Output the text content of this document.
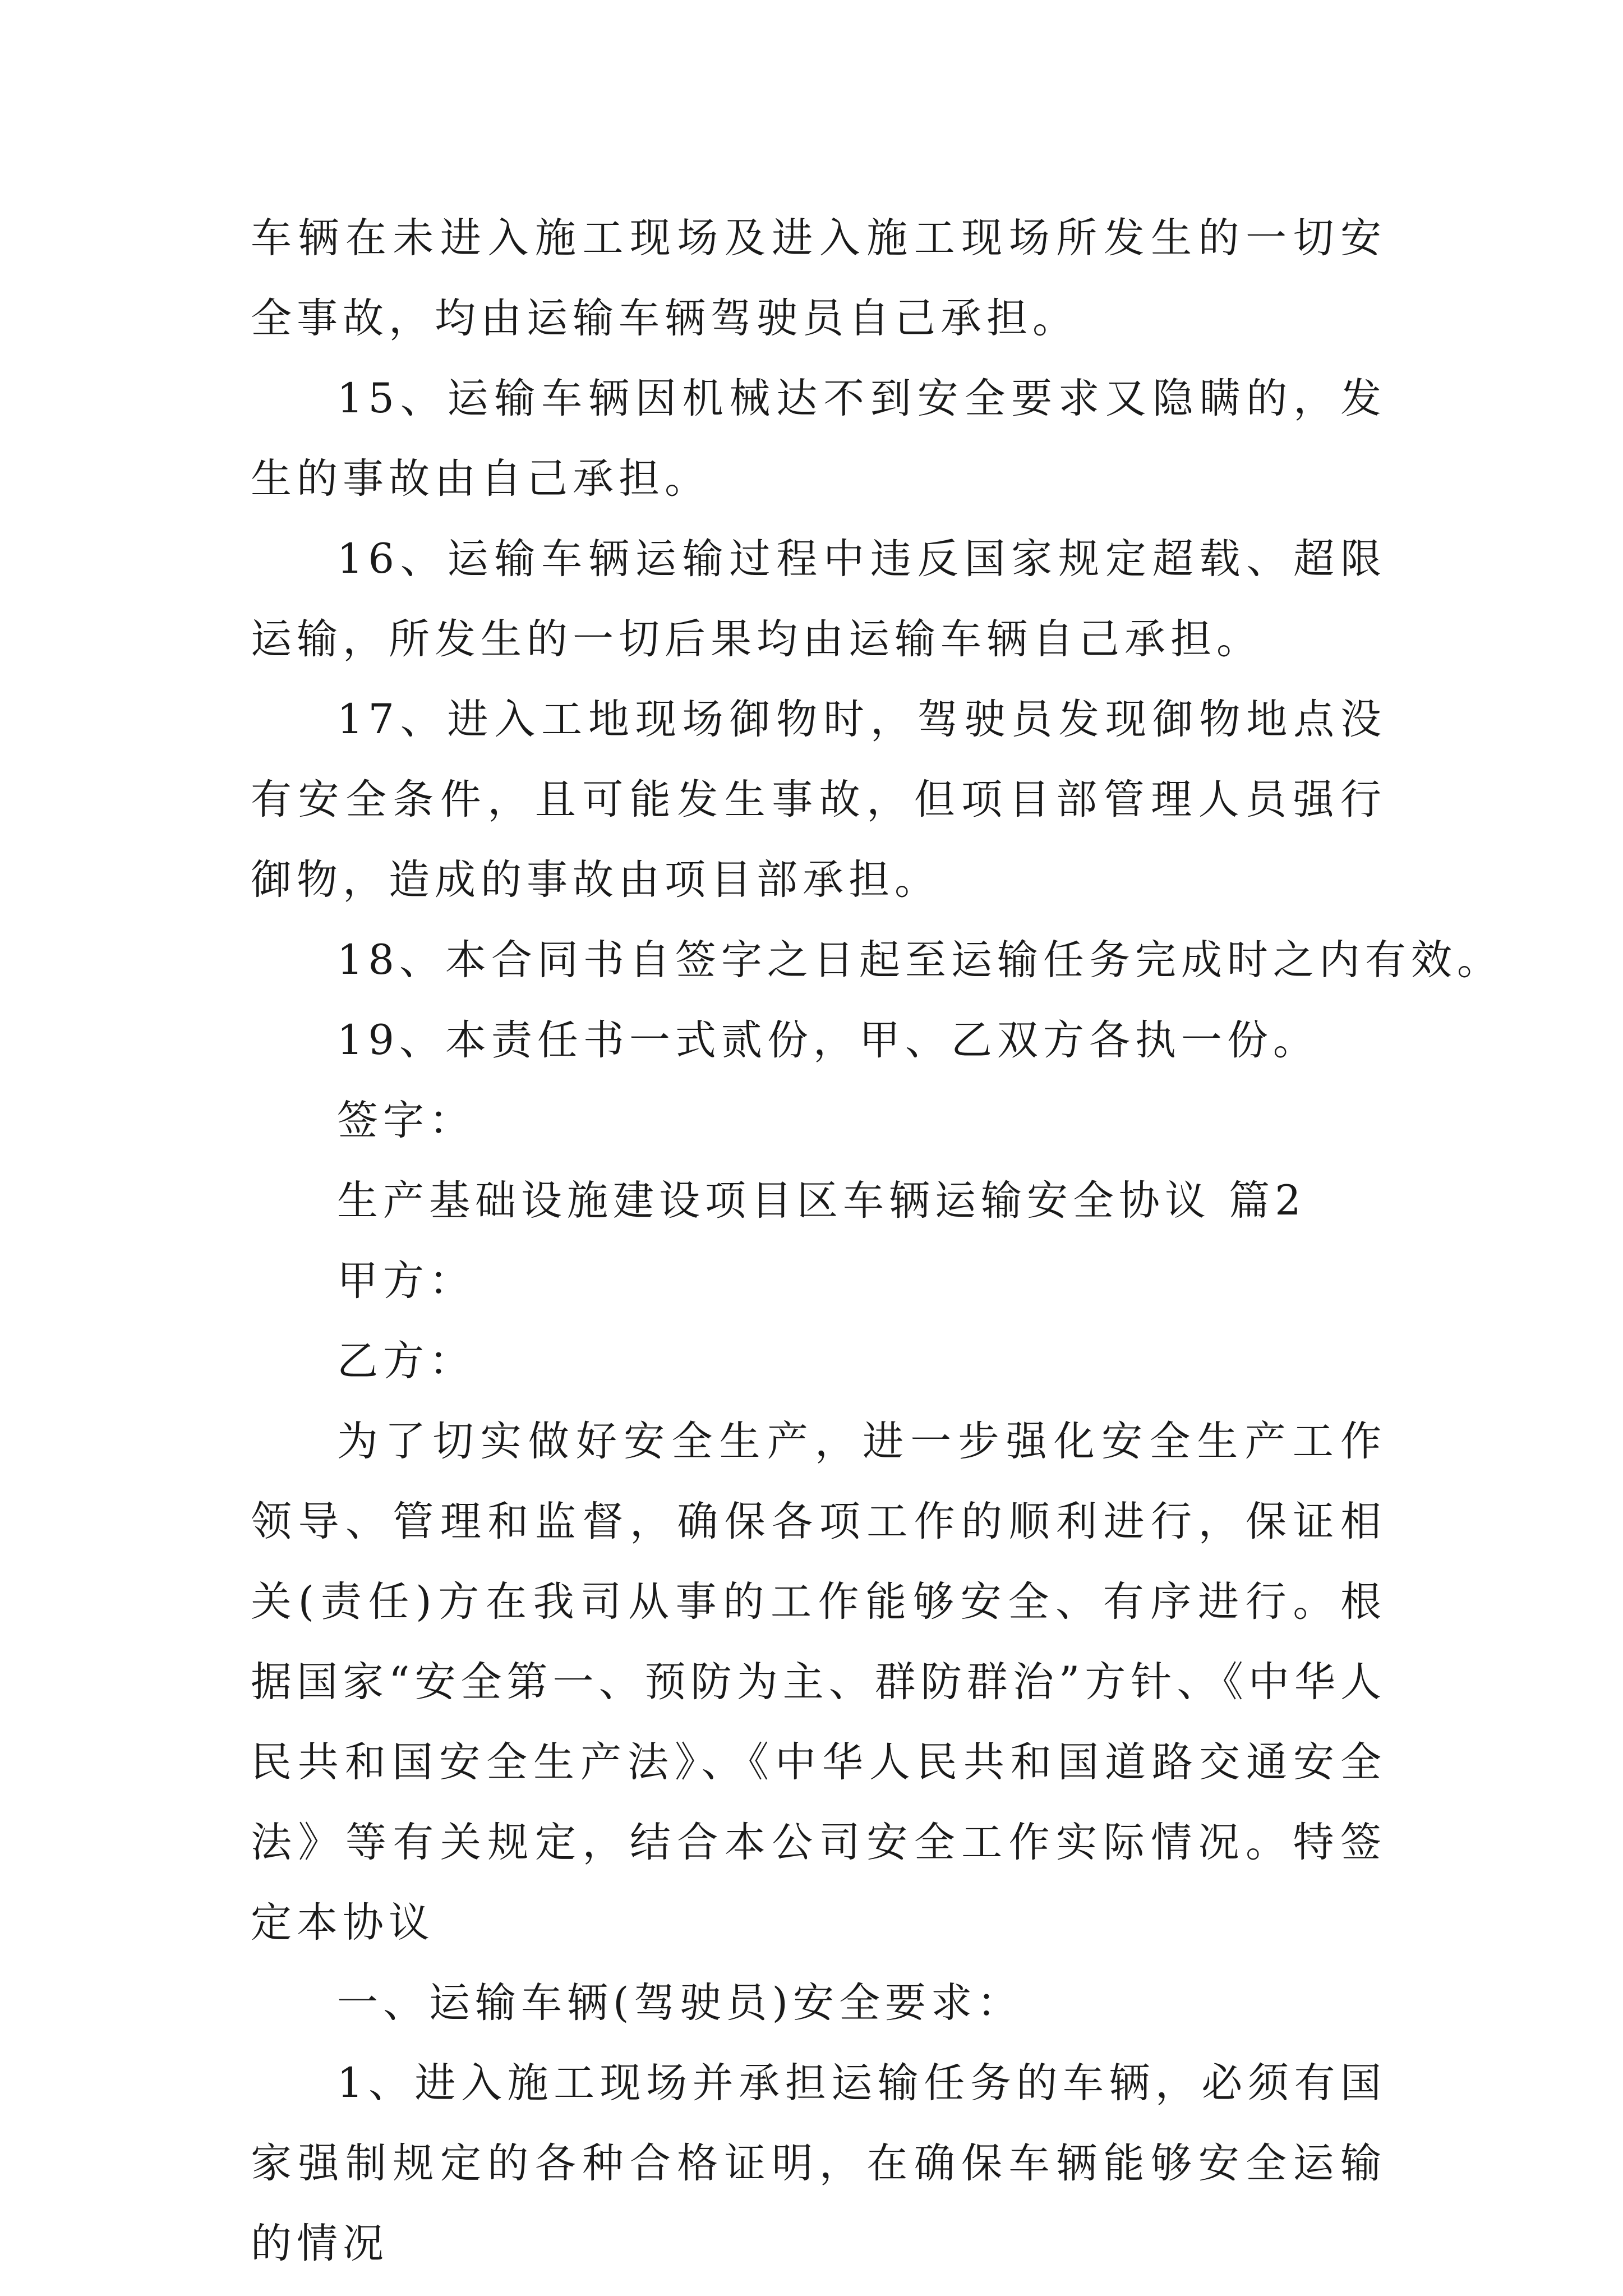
车辆在未进入施工现场及进入施工现场所发生的一切安全事故，均由运输车辆驾驶员自己承担。

15、运输车辆因机械达不到安全要求又隐瞒的，发生的事故由自己承担。

16、运输车辆运输过程中违反国家规定超载、超限运输，所发生的一切后果均由运输车辆自己承担。

17、进入工地现场御物时，驾驶员发现御物地点没有安全条件，且可能发生事故，但项目部管理人员强行御物，造成的事故由项目部承担。

18、本合同书自签字之日起至运输任务完成时之内有效。

19、本责任书一式贰份，甲、乙双方各执一份。

签字：

生产基础设施建设项目区车辆运输安全协议 篇2

甲方：

乙方：

为了切实做好安全生产，进一步强化安全生产工作领导、管理和监督，确保各项工作的顺利进行，保证相关(责任)方在我司从事的工作能够安全、有序进行。根据国家“安全第一、预防为主、群防群治”方针、《中华人民共和国安全生产法》、《中华人民共和国道路交通安全法》等有关规定，结合本公司安全工作实际情况。特签定本协议

一、运输车辆(驾驶员)安全要求：

1、进入施工现场并承担运输任务的车辆，必须有国家强制规定的各种合格证明，在确保车辆能够安全运输的情况
